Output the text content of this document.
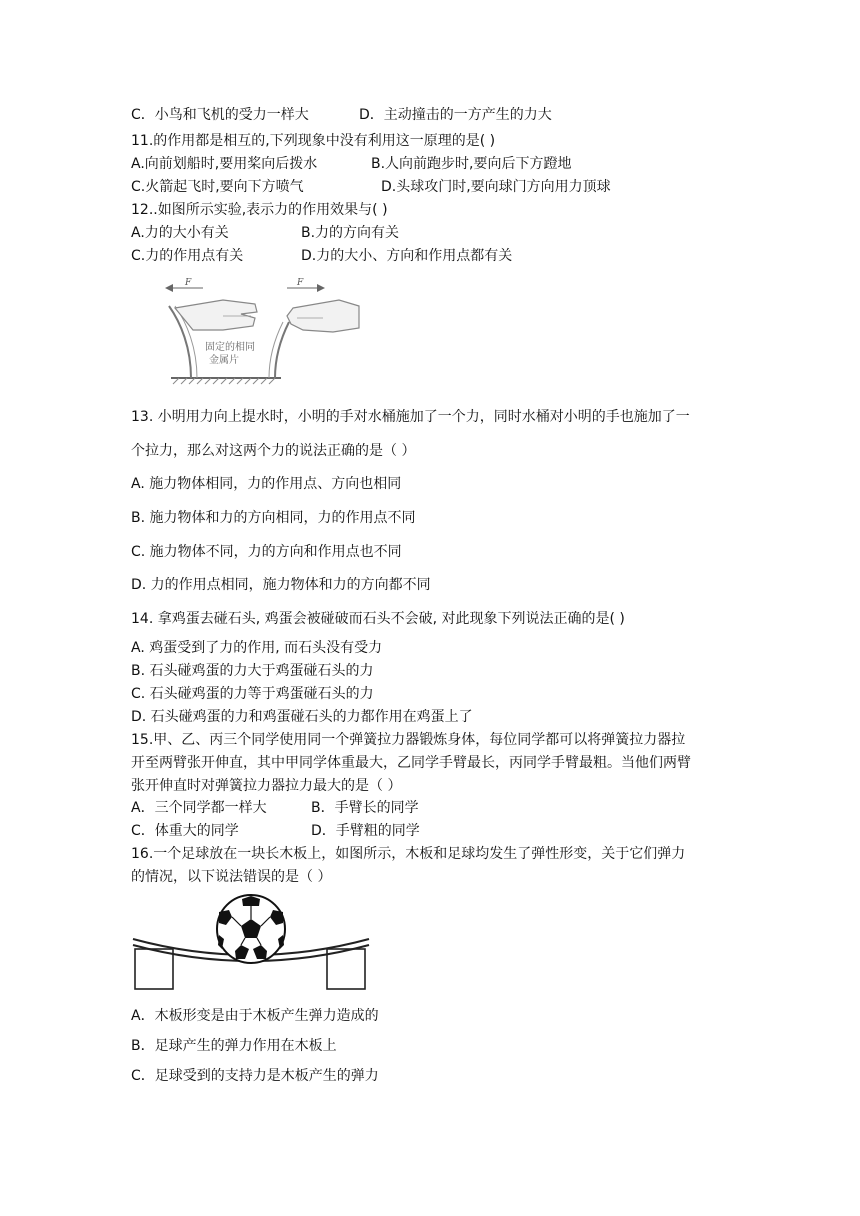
C．小鸟和飞机的受力一样大	D．主动撞击的一方产生的力大
11.的作用都是相互的,下列现象中没有利用这一原理的是( )
A.向前划船时,要用桨向后拨水	B.人向前跑步时,要向后下方蹬地
C.火箭起飞时,要向下方喷气	D.头球攻门时,要向球门方向用力顶球
12..如图所示实验,表示力的作用效果与( )
A.力的大小有关	B.力的方向有关
C.力的作用点有关	D.力的大小、方向和作用点都有关
F	F
固定的相同
金属片
13. 小明用力向上提水时，小明的手对水桶施加了一个力，同时水桶对小明的手也施加了一
个拉力，那么对这两个力的说法正确的是（ ）
A. 施力物体相同，力的作用点、方向也相同
B. 施力物体和力的方向相同，力的作用点不同
C. 施力物体不同，力的方向和作用点也不同
D. 力的作用点相同，施力物体和力的方向都不同
14. 拿鸡蛋去碰石头, 鸡蛋会被碰破而石头不会破, 对此现象下列说法正确的是( )
A. 鸡蛋受到了力的作用, 而石头没有受力
B. 石头碰鸡蛋的力大于鸡蛋碰石头的力
C. 石头碰鸡蛋的力等于鸡蛋碰石头的力
D. 石头碰鸡蛋的力和鸡蛋碰石头的力都作用在鸡蛋上了
15.甲、乙、丙三个同学使用同一个弹簧拉力器锻炼身体，每位同学都可以将弹簧拉力器拉
开至两臂张开伸直，其中甲同学体重最大，乙同学手臂最长，丙同学手臂最粗。当他们两臂
张开伸直时对弹簧拉力器拉力最大的是（ ）
A．三个同学都一样大	B．手臂长的同学
C．体重大的同学	D．手臂粗的同学
16.一个足球放在一块长木板上，如图所示，木板和足球均发生了弹性形变，关于它们弹力
的情况，以下说法错误的是（ ）
A．木板形变是由于木板产生弹力造成的
B．足球产生的弹力作用在木板上
C．足球受到的支持力是木板产生的弹力
